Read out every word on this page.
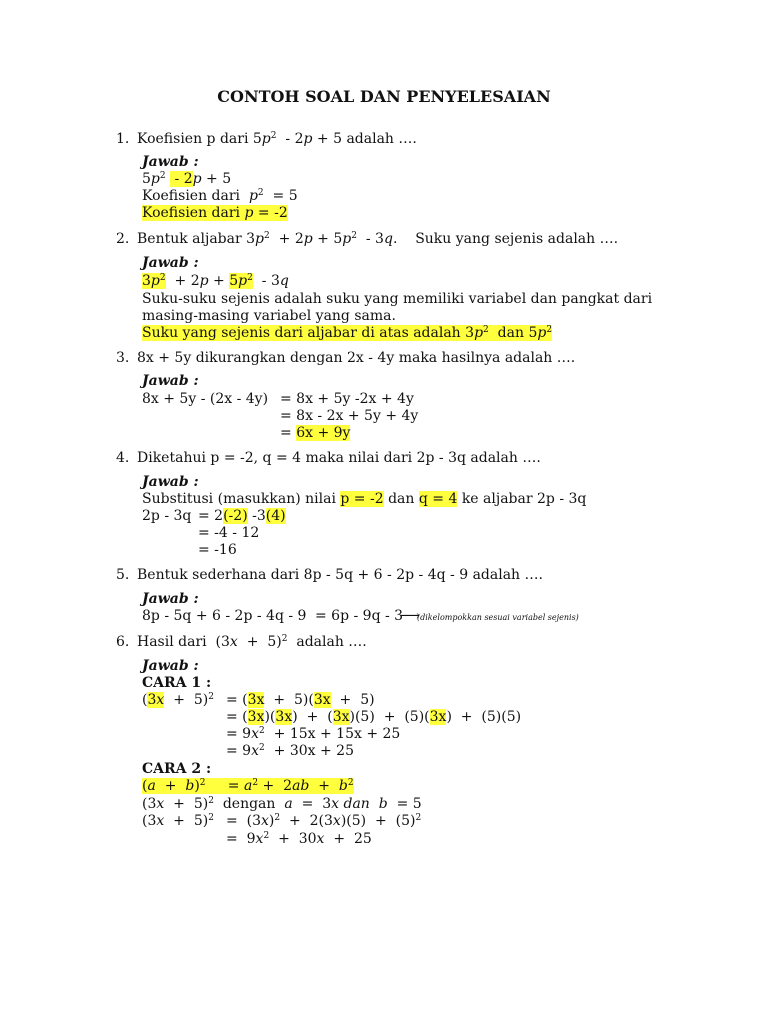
CONTOH SOAL DAN PENYELESAIAN
1. Koefisien p dari $5p^2 - 2p + 5$ adalah ….
Jawab :
$5p^2 - 2p + 5$
Koefisien dari $p^2 = 5$
Koefisien dari p = -2
2. Bentuk aljabar $3p^2 + 2p + 5p^2 - 3q$.    Suku yang sejenis adalah ….
Jawab :
$3p^2 + 2p + 5p^2 - 3q$
Suku-suku sejenis adalah suku yang memiliki variabel dan pangkat dari
masing-masing variabel yang sama.
Suku yang sejenis dari aljabar di atas adalah $3p^2$ dan $5p^2$
3. 8x + 5y dikurangkan dengan 2x - 4y maka hasilnya adalah ….
Jawab :
8x + 5y - (2x - 4y) = 8x + 5y -2x + 4y
= 8x - 2x + 5y + 4y
= 6x + 9y
4. Diketahui p = -2, q = 4 maka nilai dari 2p - 3q adalah ….
Jawab :
Substitusi (masukkan) nilai p = -2 dan q = 4 ke aljabar 2p - 3q
2p - 3q = 2(-2) -3(4)
= -4 - 12
= -16
5. Bentuk sederhana dari 8p - 5q + 6 - 2p - 4q - 9 adalah ….
Jawab :
8p - 5q + 6 - 2p - 4q - 9 = 6p - 9q - 3
⟶
(dikelompokkan sesuai variabel sejenis)
6. Hasil dari  $(3x + 5)^2$ adalah ….
Jawab :
CARA 1 :
$(3x + 5)^2 = (3x + 5)(3x + 5)$
= (3x)(3x)  +  (3x)(5)  +  (5)(3x)  +  (5)(5)
= $9x^2 + 15x + 15x + 25$
= $9x^2 + 30x + 25$
CARA 2 :
$(a + b)^2$     = $a^2 + 2ab + b^2$
$(3x + 5)^2$ dengan a  =  3x dan b  = 5
$(3x + 5)^2 = (3x)^2 + 2(3x)(5) + (5)^2$
=  $9x^2 + 30x + 25$
